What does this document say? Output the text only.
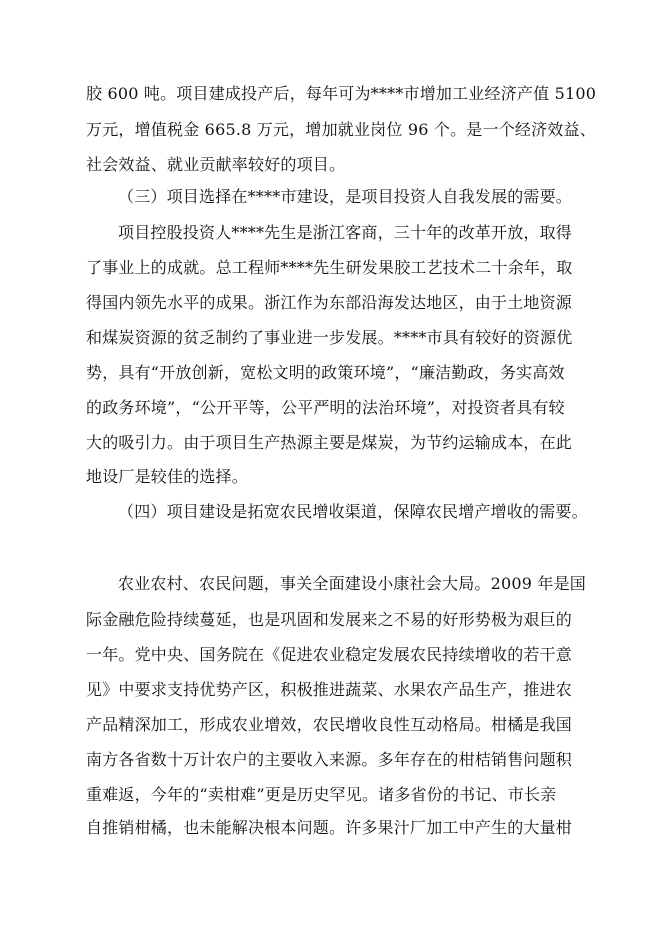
胶 600 吨。项目建成投产后，每年可为****市增加工业经济产值 5100
万元，增值税金 665.8 万元，增加就业岗位 96 个。是一个经济效益、
社会效益、就业贡献率较好的项目。
（三）项目选择在****市建设，是项目投资人自我发展的需要。
项目控股投资人****先生是浙江客商，三十年的改革开放，取得
了事业上的成就。总工程师****先生研发果胶工艺技术二十余年，取
得国内领先水平的成果。浙江作为东部沿海发达地区，由于土地资源
和煤炭资源的贫乏制约了事业进一步发展。****市具有较好的资源优
势，具有“开放创新，宽松文明的政策环境”，“廉洁勤政，务实高效
的政务环境”，“公开平等，公平严明的法治环境”，对投资者具有较
大的吸引力。由于项目生产热源主要是煤炭，为节约运输成本，在此
地设厂是较佳的选择。
（四）项目建设是拓宽农民增收渠道，保障农民增产增收的需要。
农业农村、农民问题，事关全面建设小康社会大局。2009 年是国
际金融危险持续蔓延，也是巩固和发展来之不易的好形势极为艰巨的
一年。党中央、国务院在《促进农业稳定发展农民持续增收的若干意
见》中要求支持优势产区，积极推进蔬菜、水果农产品生产，推进农
产品精深加工，形成农业增效，农民增收良性互动格局。柑橘是我国
南方各省数十万计农户的主要收入来源。多年存在的柑桔销售问题积
重难返，今年的“卖柑难”更是历史罕见。诸多省份的书记、市长亲
自推销柑橘，也未能解决根本问题。许多果汁厂加工中产生的大量柑
